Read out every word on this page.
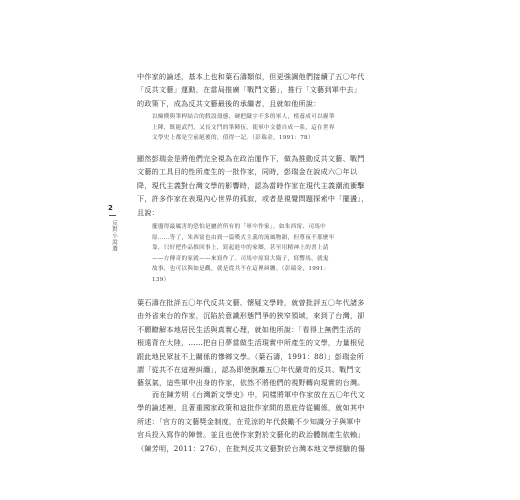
2
反對小說選

中作家的論述，基本上也和葉石濤類似，但更強調他們接續了五〇年代
「反共文藝」運動，在當局推廣「戰鬥文藝」，推行「文藝到軍中去」
的政策下，成為反共文藝最後的承繼者，且就如他所說：

以檢樸與筆桿結合的假設殼態，硬把織字不多的軍人，植養成可以握筆
上陣，既能武鬥，又長文鬥的筆陣伍，使軍中文藝自成一系，這在世界
文學史上都是空前絕後的，值得一記。（彭瑞金，1991：78）

顯然彭瑞金是將他們完全視為在政治運作下，做為推動反共文藝、戰鬥
文藝的工具目的性所產生的一批作家，同時，彭瑞金在說成六〇年以
降，現代主義對台灣文學的影響時，認為當時作家在現代主義潮流衝擊
下，許多作家在表現內心世界的孤寂，或者是視覺問題探索中「擺盪」，
且說：

擺盪得最厲害的恐怕是屬於所有的「軍中作家」。如朱西甯、司馬中
原……等了，朱西甯也由到一篇嘆式主義的流風物韻，但尊夜不那麼牢
靠，只好把作品推回事上，寫起進中的家鄉，甚至用精神上的書上請
——方傳奇的家就——來寫作了。司馬中原寫大鬍子，寫響馬，就鬼
故事，也可以與如是觀，就是從共不在這裡糾纏。（彭瑞金，1991：
139）

葉石濤在批評五〇年代反共文藝、懷疑文學時，就曾批評五〇年代諸多
由外省來台的作家，沉陷於意識形態鬥爭的狹窄領域，來到了台灣，卻
不願瞭解本地居民生活與真實心理，就如他所說：「看得上無們生活的
根遠背在大陸，……把自日夢當做生活現實中所產生的文學，力量根兒
跟此地民眾扯不上關係的慘鄉文學。（葉石濤，1991：88）」彭瑞金所
謂「從共不在這裡糾纏」，認為即使脫離五〇年代嚴苛的反共、戰鬥文
藝氛氣，這些軍中出身的作家，依然不將他們的視野轉向現實的台灣。

而在陳芳明《台灣新文學史》中，同樣將軍中作家放在五〇年代文
學的論述裡，且著重國家政策和這批作家間的恩庇侍從關係，就如其中
所述：「官方的文藝獎金制度，在荒涼的年代鼓勵不少知識分子與軍中
官兵投入寫作的陣營。並且也使作家對於文藝化的政治體制產生依賴」
（陳芳明，2011：276），在批判反共文藝對於台灣本地文學經驗的傷
